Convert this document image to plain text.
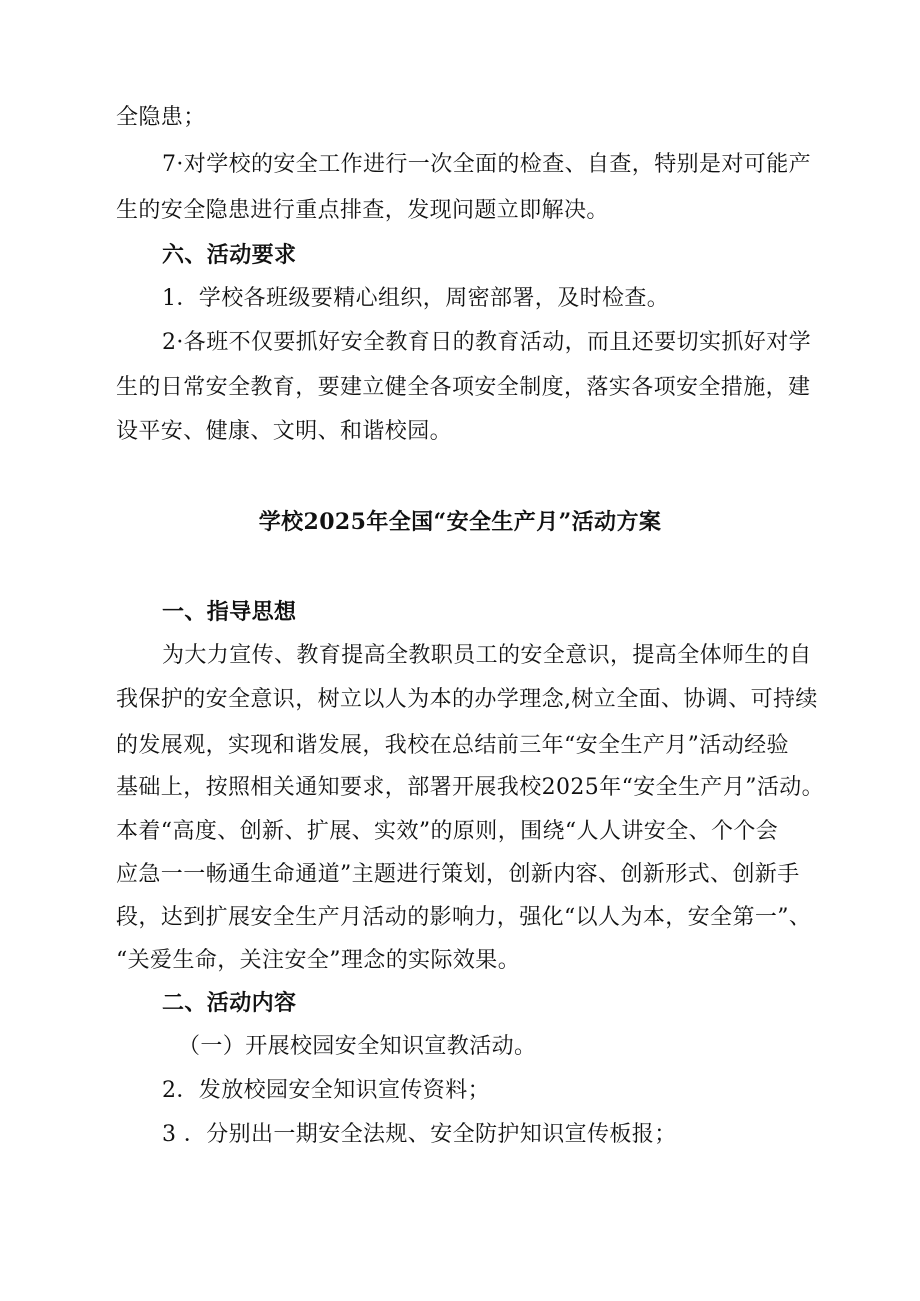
全隐患；
7·对学校的安全工作进行一次全面的检查、自查，特别是对可能产
生的安全隐患进行重点排查，发现问题立即解决。
六、活动要求
1．学校各班级要精心组织，周密部署，及时检查。
2·各班不仅要抓好安全教育日的教育活动，而且还要切实抓好对学
生的日常安全教育，要建立健全各项安全制度，落实各项安全措施，建
设平安、健康、文明、和谐校园。
学校2025年全国“安全生产月”活动方案
一、指导思想
为大力宣传、教育提高全教职员工的安全意识，提高全体师生的自
我保护的安全意识，树立以人为本的办学理念,树立全面、协调、可持续
的发展观，实现和谐发展，我校在总结前三年“安全生产月”活动经验
基础上，按照相关通知要求，部署开展我校2025年“安全生产月”活动。
本着“高度、创新、扩展、实效”的原则，围绕“人人讲安全、个个会
应急一一畅通生命通道”主题进行策划，创新内容、创新形式、创新手
段，达到扩展安全生产月活动的影响力，强化“以人为本，安全第一”、
“关爱生命，关注安全”理念的实际效果。
二、活动内容
（一）开展校园安全知识宣教活动。
2．发放校园安全知识宣传资料；
3 ．分别出一期安全法规、安全防护知识宣传板报；
